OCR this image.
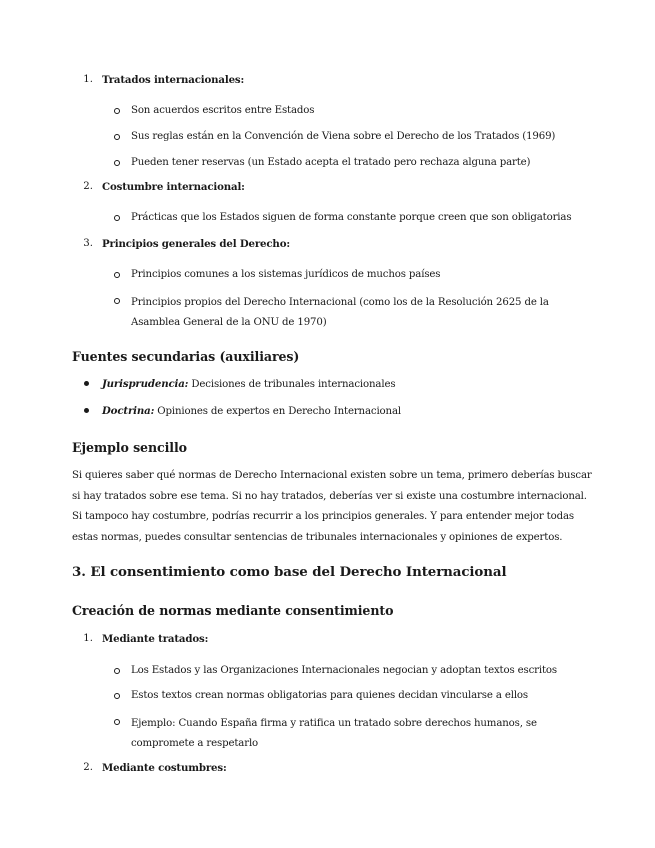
1. Tratados internacionales:
Son acuerdos escritos entre Estados
Sus reglas están en la Convención de Viena sobre el Derecho de los Tratados (1969)
Pueden tener reservas (un Estado acepta el tratado pero rechaza alguna parte)
2. Costumbre internacional:
Prácticas que los Estados siguen de forma constante porque creen que son obligatorias
3. Principios generales del Derecho:
Principios comunes a los sistemas jurídicos de muchos países
Principios propios del Derecho Internacional (como los de la Resolución 2625 de la Asamblea General de la ONU de 1970)
Fuentes secundarias (auxiliares)
Jurisprudencia: Decisiones de tribunales internacionales
Doctrina: Opiniones de expertos en Derecho Internacional
Ejemplo sencillo
Si quieres saber qué normas de Derecho Internacional existen sobre un tema, primero deberías buscar si hay tratados sobre ese tema. Si no hay tratados, deberías ver si existe una costumbre internacional. Si tampoco hay costumbre, podrías recurrir a los principios generales. Y para entender mejor todas estas normas, puedes consultar sentencias de tribunales internacionales y opiniones de expertos.
3. El consentimiento como base del Derecho Internacional
Creación de normas mediante consentimiento
1. Mediante tratados:
Los Estados y las Organizaciones Internacionales negocian y adoptan textos escritos
Estos textos crean normas obligatorias para quienes decidan vincularse a ellos
Ejemplo: Cuando España firma y ratifica un tratado sobre derechos humanos, se compromete a respetarlo
2. Mediante costumbres:
